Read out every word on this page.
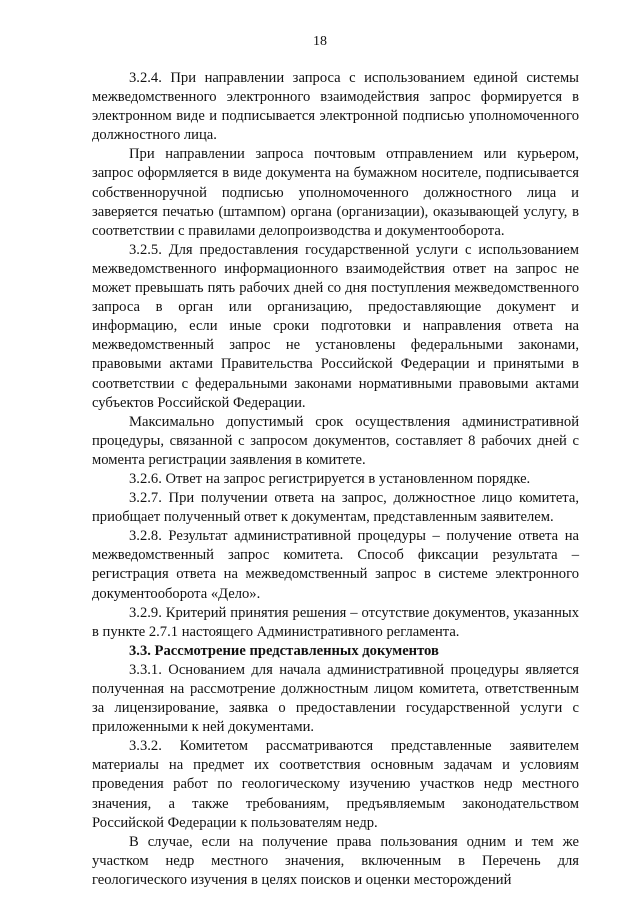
18

3.2.4. При направлении запроса с использованием единой системы межведомственного электронного взаимодействия запрос формируется в электронном виде и подписывается электронной подписью уполномоченного должностного лица.

При направлении запроса почтовым отправлением или курьером, запрос оформляется в виде документа на бумажном носителе, подписывается собственноручной подписью уполномоченного должностного лица и заверяется печатью (штампом) органа (организации), оказывающей услугу, в соответствии с правилами делопроизводства и документооборота.

3.2.5. Для предоставления государственной услуги с использованием межведомственного информационного взаимодействия ответ на запрос не может превышать пять рабочих дней со дня поступления межведомственного запроса в орган или организацию, предоставляющие документ и информацию, если иные сроки подготовки и направления ответа на межведомственный запрос не установлены федеральными законами, правовыми актами Правительства Российской Федерации и принятыми в соответствии с федеральными законами нормативными правовыми актами субъектов Российской Федерации.

Максимально допустимый срок осуществления административной процедуры, связанной с запросом документов, составляет 8 рабочих дней с момента регистрации заявления в комитете.

3.2.6. Ответ на запрос регистрируется в установленном порядке.

3.2.7. При получении ответа на запрос, должностное лицо комитета, приобщает полученный ответ к документам, представленным заявителем.

3.2.8. Результат административной процедуры – получение ответа на межведомственный запрос комитета. Способ фиксации результата – регистрация ответа на межведомственный запрос в системе электронного документооборота «Дело».

3.2.9. Критерий принятия решения – отсутствие документов, указанных в пункте 2.7.1 настоящего Административного регламента.

3.3. Рассмотрение представленных документов

3.3.1. Основанием для начала административной процедуры является полученная на рассмотрение должностным лицом комитета, ответственным за лицензирование, заявка о предоставлении государственной услуги с приложенными к ней документами.

3.3.2. Комитетом рассматриваются представленные заявителем материалы на предмет их соответствия основным задачам и условиям проведения работ по геологическому изучению участков недр местного значения, а также требованиям, предъявляемым законодательством Российской Федерации к пользователям недр.

В случае, если на получение права пользования одним и тем же участком недр местного значения, включенным в Перечень для геологического изучения в целях поисков и оценки месторождений
